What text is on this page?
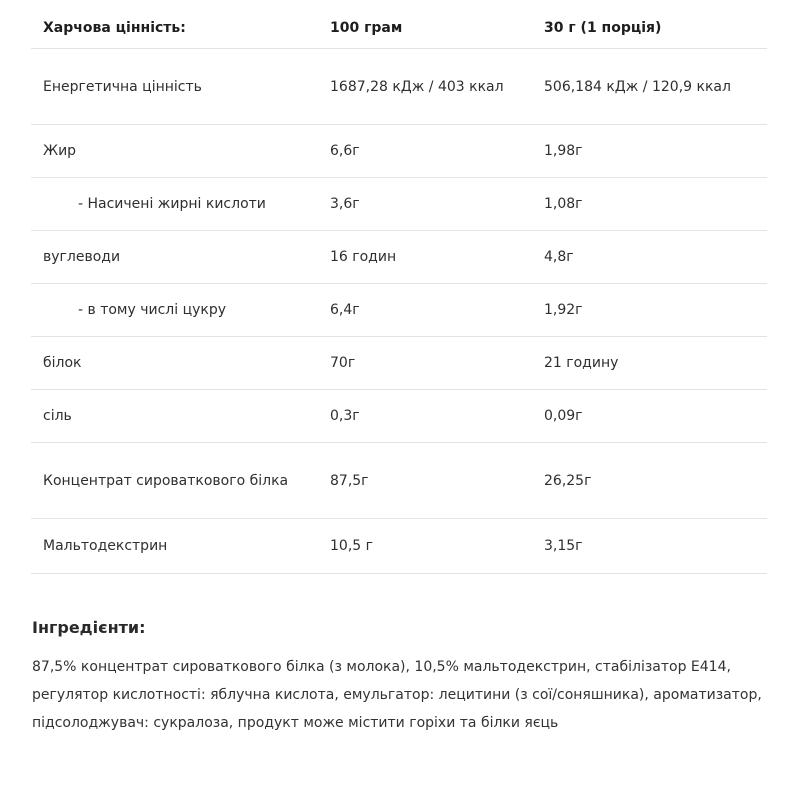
Харчова цінність:	100 грам	30 г (1 порція)
Енергетична цінність	1687,28 кДж / 403 ккал	506,184 кДж / 120,9 ккал
Жир	6,6г	1,98г
- Насичені жирні кислоти	3,6г	1,08г
вуглеводи	16 годин	4,8г
- в тому числі цукру	6,4г	1,92г
білок	70г	21 годину
сіль	0,3г	0,09г
Концентрат сироваткового білка	87,5г	26,25г
Мальтодекстрин	10,5 г	3,15г
Інгредієнти:

87,5% концентрат сироваткового білка (з молока), 10,5% мальтодекстрин, стабілізатор E414, регулятор кислотності: яблучна кислота, емульгатор: лецитини (з сої/соняшника), ароматизатор, підсолоджувач: сукралоза, продукт може містити горіхи та білки яєць
